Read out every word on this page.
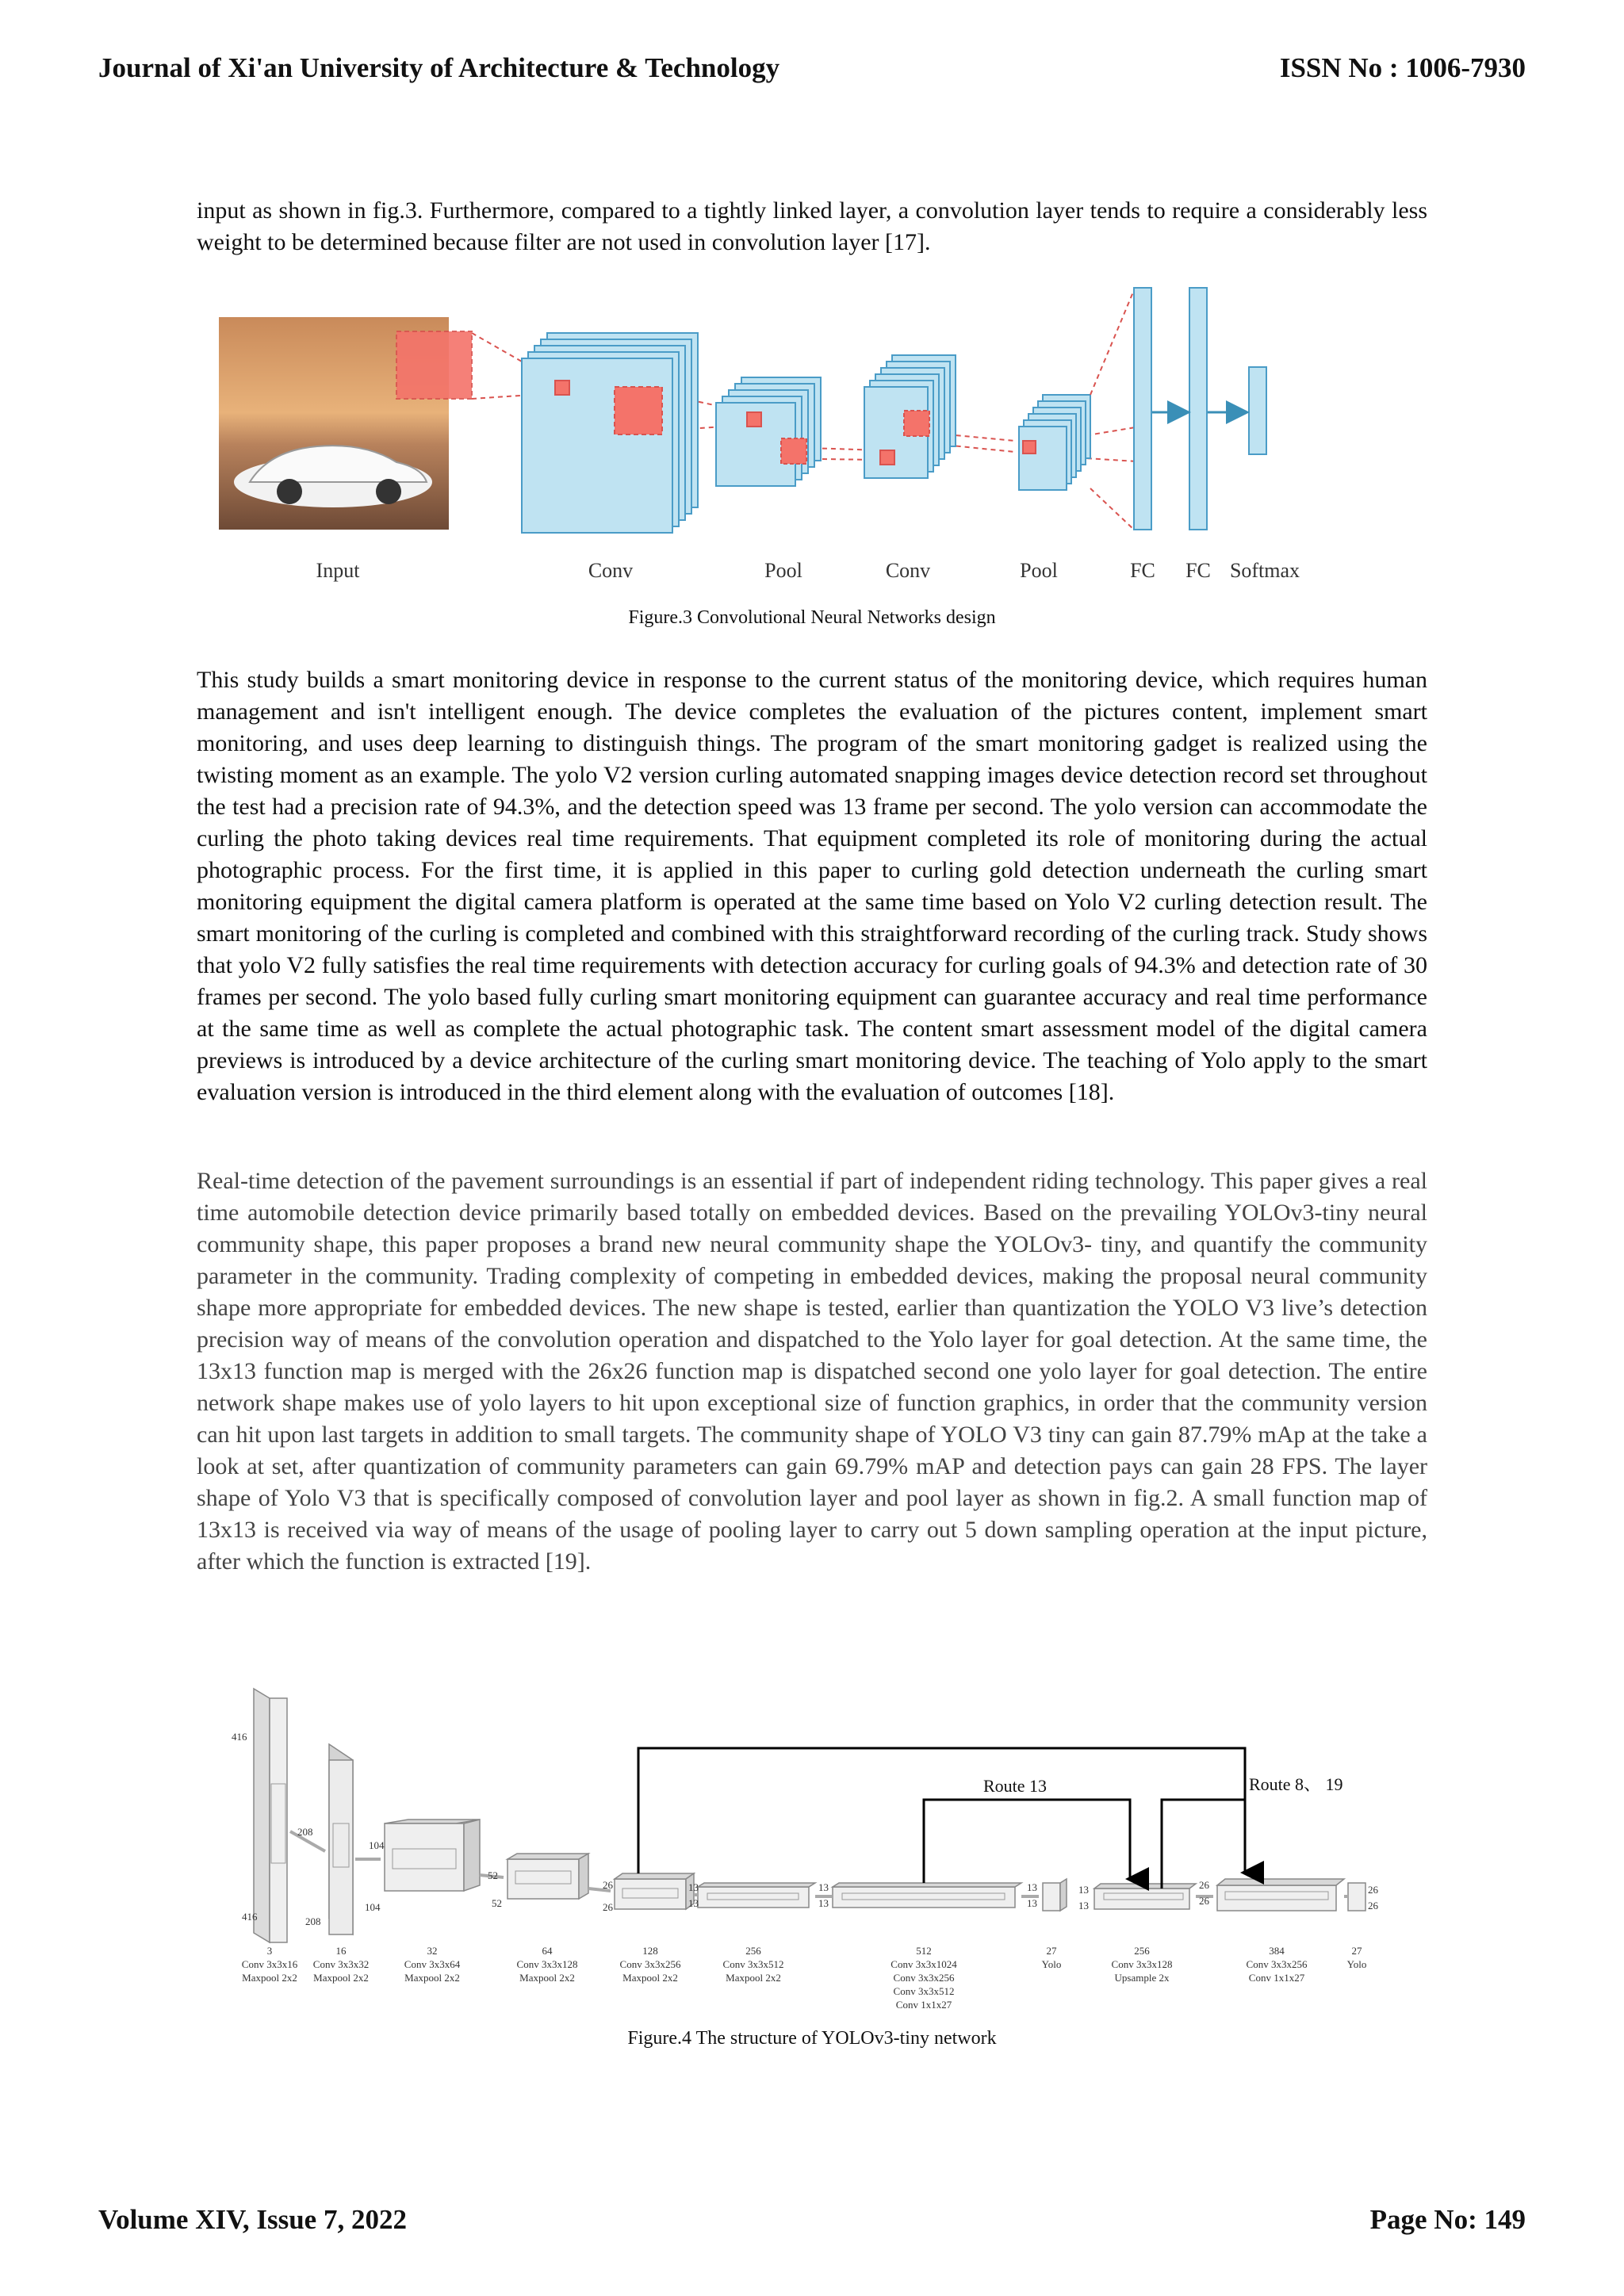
Journal of Xi'an University of Architecture & Technology	ISSN No : 1006-7930
input as shown in fig.3. Furthermore, compared to a tightly linked layer, a convolution layer tends to require a considerably less weight to be determined because filter are not used in convolution layer [17].
Input	Conv	Pool	Conv	Pool	FC FC Softmax
Figure.3 Convolutional Neural Networks design
This study builds a smart monitoring device in response to the current status of the monitoring device, which requires human management and isn't intelligent enough. The device completes the evaluation of the pictures content, implement smart monitoring, and uses deep learning to distinguish things. The program of the smart monitoring gadget is realized using the twisting moment as an example. The yolo V2 version curling automated snapping images device detection record set throughout the test had a precision rate of 94.3%, and the detection speed was 13 frame per second. The yolo version can accommodate the curling the photo taking devices real time requirements. That equipment completed its role of monitoring during the actual photographic process. For the first time, it is applied in this paper to curling gold detection underneath the curling smart monitoring equipment the digital camera platform is operated at the same time based on Yolo V2 curling detection result. The smart monitoring of the curling is completed and combined with this straightforward recording of the curling track. Study shows that yolo V2 fully satisfies the real time requirements with detection accuracy for curling goals of 94.3% and detection rate of 30 frames per second. The yolo based fully curling smart monitoring equipment can guarantee accuracy and real time performance at the same time as well as complete the actual photographic task. The content smart assessment model of the digital camera previews is introduced by a device architecture of the curling smart monitoring device. The teaching of Yolo apply to the smart evaluation version is introduced in the third element along with the evaluation of outcomes [18].
Real-time detection of the pavement surroundings is an essential if part of independent riding technology. This paper gives a real time automobile detection device primarily based totally on embedded devices. Based on the prevailing YOLOv3-tiny neural community shape, this paper proposes a brand new neural community shape the YOLOv3- tiny, and quantify the community parameter in the community. Trading complexity of competing in embedded devices, making the proposal neural community shape more appropriate for embedded devices. The new shape is tested, earlier than quantization the YOLO V3 live’s detection precision way of means of the convolution operation and dispatched to the Yolo layer for goal detection. At the same time, the 13x13 function map is merged with the 26x26 function map is dispatched second one yolo layer for goal detection. The entire network shape makes use of yolo layers to hit upon exceptional size of function graphics, in order that the community version can hit upon last targets in addition to small targets. The community shape of YOLO V3 tiny can gain 87.79% mAp at the take a look at set, after quantization of community parameters can gain 69.79% mAP and detection pays can gain 28 FPS. The layer shape of Yolo V3 that is specifically composed of convolution layer and pool layer as shown in fig.2. A small function map of 13x13 is received via way of means of the usage of pooling layer to carry out 5 down sampling operation at the input picture, after which the function is extracted [19].
Route 13	Route 8、 19
416
416
208
208
104
104
52
52
26
26
13
13
13
13
13
13
13
13
26
26
26
26
3
Conv 3x3x16
Maxpool 2x2
16
Conv 3x3x32
Maxpool 2x2
32
Conv 3x3x64
Maxpool 2x2
64
Conv 3x3x128
Maxpool 2x2
128
Conv 3x3x256
Maxpool 2x2
256
Conv 3x3x512
Maxpool 2x2
512
Conv 3x3x1024
Conv 3x3x256
Conv 3x3x512
Conv 1x1x27
27
Yolo
256
Conv 3x3x128
Upsample 2x
384
Conv 3x3x256
Conv 1x1x27
27
Yolo
Figure.4 The structure of YOLOv3-tiny network
Volume XIV, Issue 7, 2022	Page No: 149
